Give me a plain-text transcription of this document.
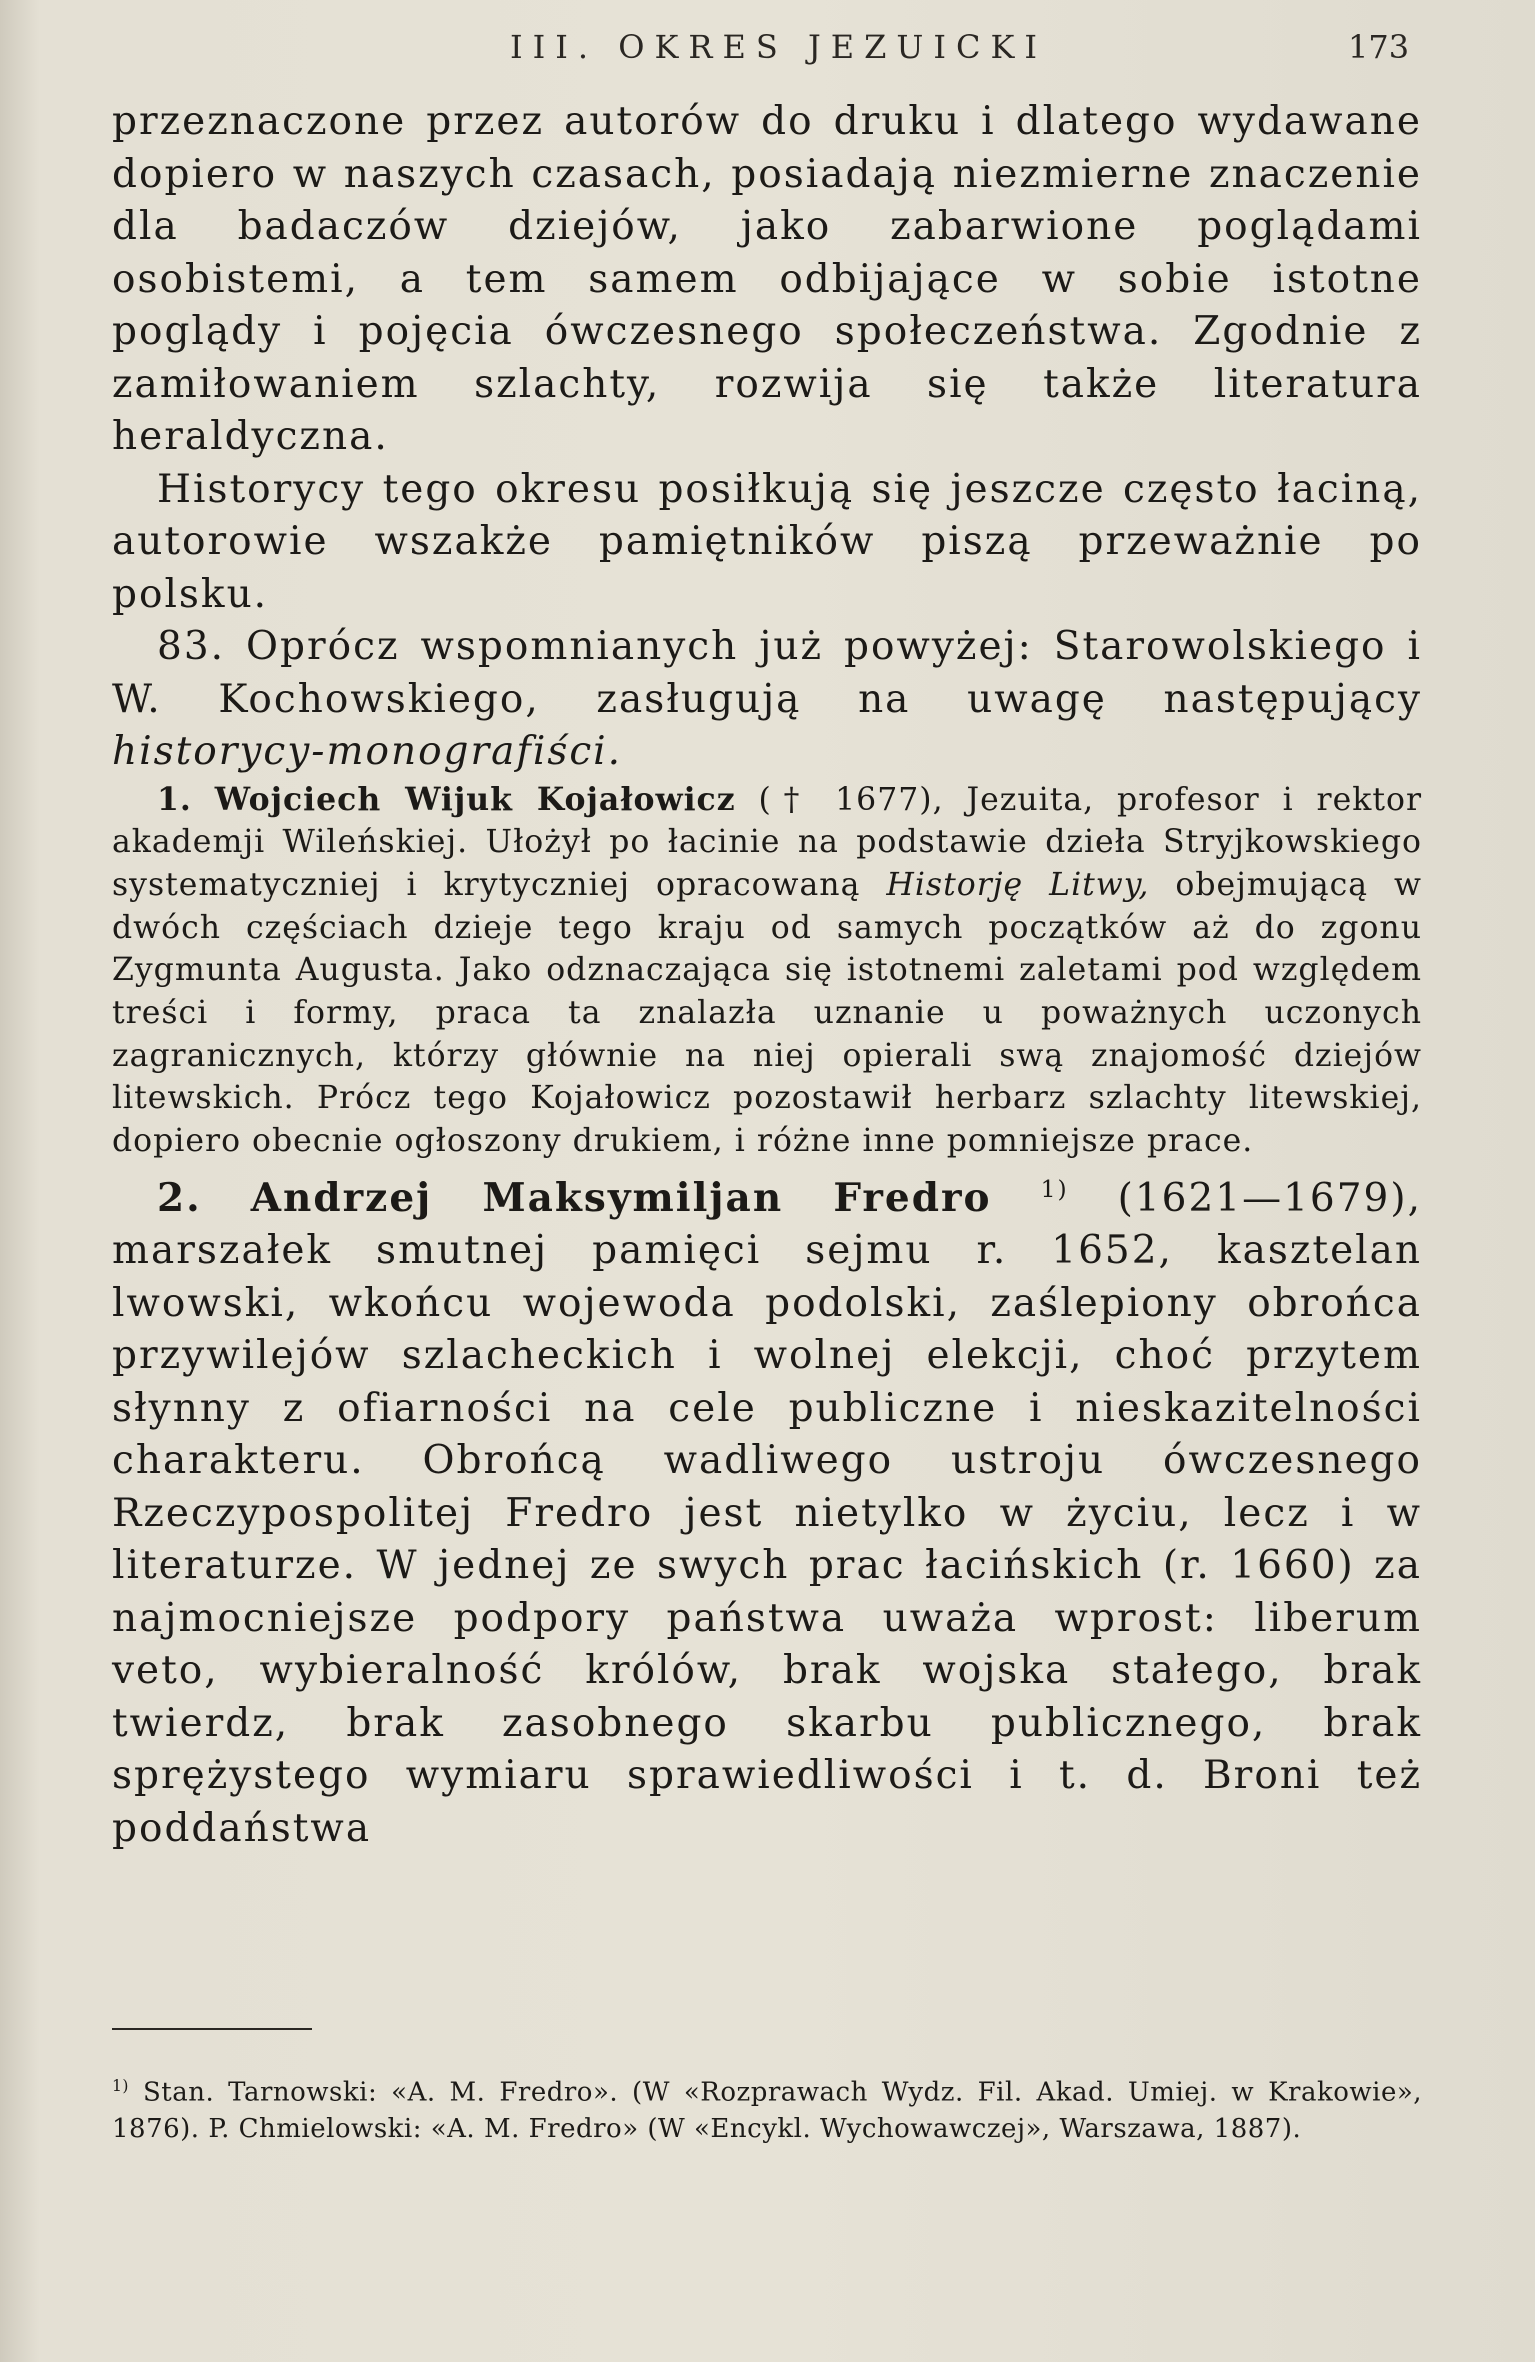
III. OKRES JEZUICKI	173

przeznaczone przez autorów do druku i dlatego wydawane dopiero w naszych czasach, posiadają niezmierne znaczenie dla badaczów dziejów, jako zabarwione poglądami osobistemi, a tem samem odbijające w sobie istotne poglądy i pojęcia ówczesnego społeczeństwa. Zgodnie z zamiłowaniem szlachty, rozwija się także literatura heraldyczna.

Historycy tego okresu posiłkują się jeszcze często łaciną, autorowie wszakże pamiętników piszą przeważnie po polsku.

83. Oprócz wspomnianych już powyżej: Starowolskiego i W. Kochowskiego, zasługują na uwagę następujący historycy-monografiści.

1. Wojciech Wijuk Kojałowicz († 1677), Jezuita, profesor i rektor akademji Wileńskiej. Ułożył po łacinie na podstawie dzieła Stryjkowskiego systematyczniej i krytyczniej opracowaną Historję Litwy, obejmującą w dwóch częściach dzieje tego kraju od samych początków aż do zgonu Zygmunta Augusta. Jako odznaczająca się istotnemi zaletami pod względem treści i formy, praca ta znalazła uznanie u poważnych uczonych zagranicznych, którzy głównie na niej opierali swą znajomość dziejów litewskich. Prócz tego Kojałowicz pozostawił herbarz szlachty litewskiej, dopiero obecnie ogłoszony drukiem, i różne inne pomniejsze prace.

2. Andrzej Maksymiljan Fredro $^{1)}$ (1621—1679), marszałek smutnej pamięci sejmu r. 1652, kasztelan lwowski, wkońcu wojewoda podolski, zaślepiony obrońca przywilejów szlacheckich i wolnej elekcji, choć przytem słynny z ofiarności na cele publiczne i nieskazitelności charakteru. Obrońcą wadliwego ustroju ówczesnego Rzeczypospolitej Fredro jest nietylko w życiu, lecz i w literaturze. W jednej ze swych prac łacińskich (r. 1660) za najmocniejsze podpory państwa uważa wprost: liberum veto, wybieralność królów, brak wojska stałego, brak twierdz, brak zasobnego skarbu publicznego, brak sprężystego wymiaru sprawiedliwości i t. d. Broni też poddaństwa

$^{1)}$ Stan. Tarnowski: «A. M. Fredro». (W «Rozprawach Wydz. Fil. Akad. Umiej. w Krakowie», 1876). P. Chmielowski: «A. M. Fredro» (W «Encykl. Wychowawczej», Warszawa, 1887).
